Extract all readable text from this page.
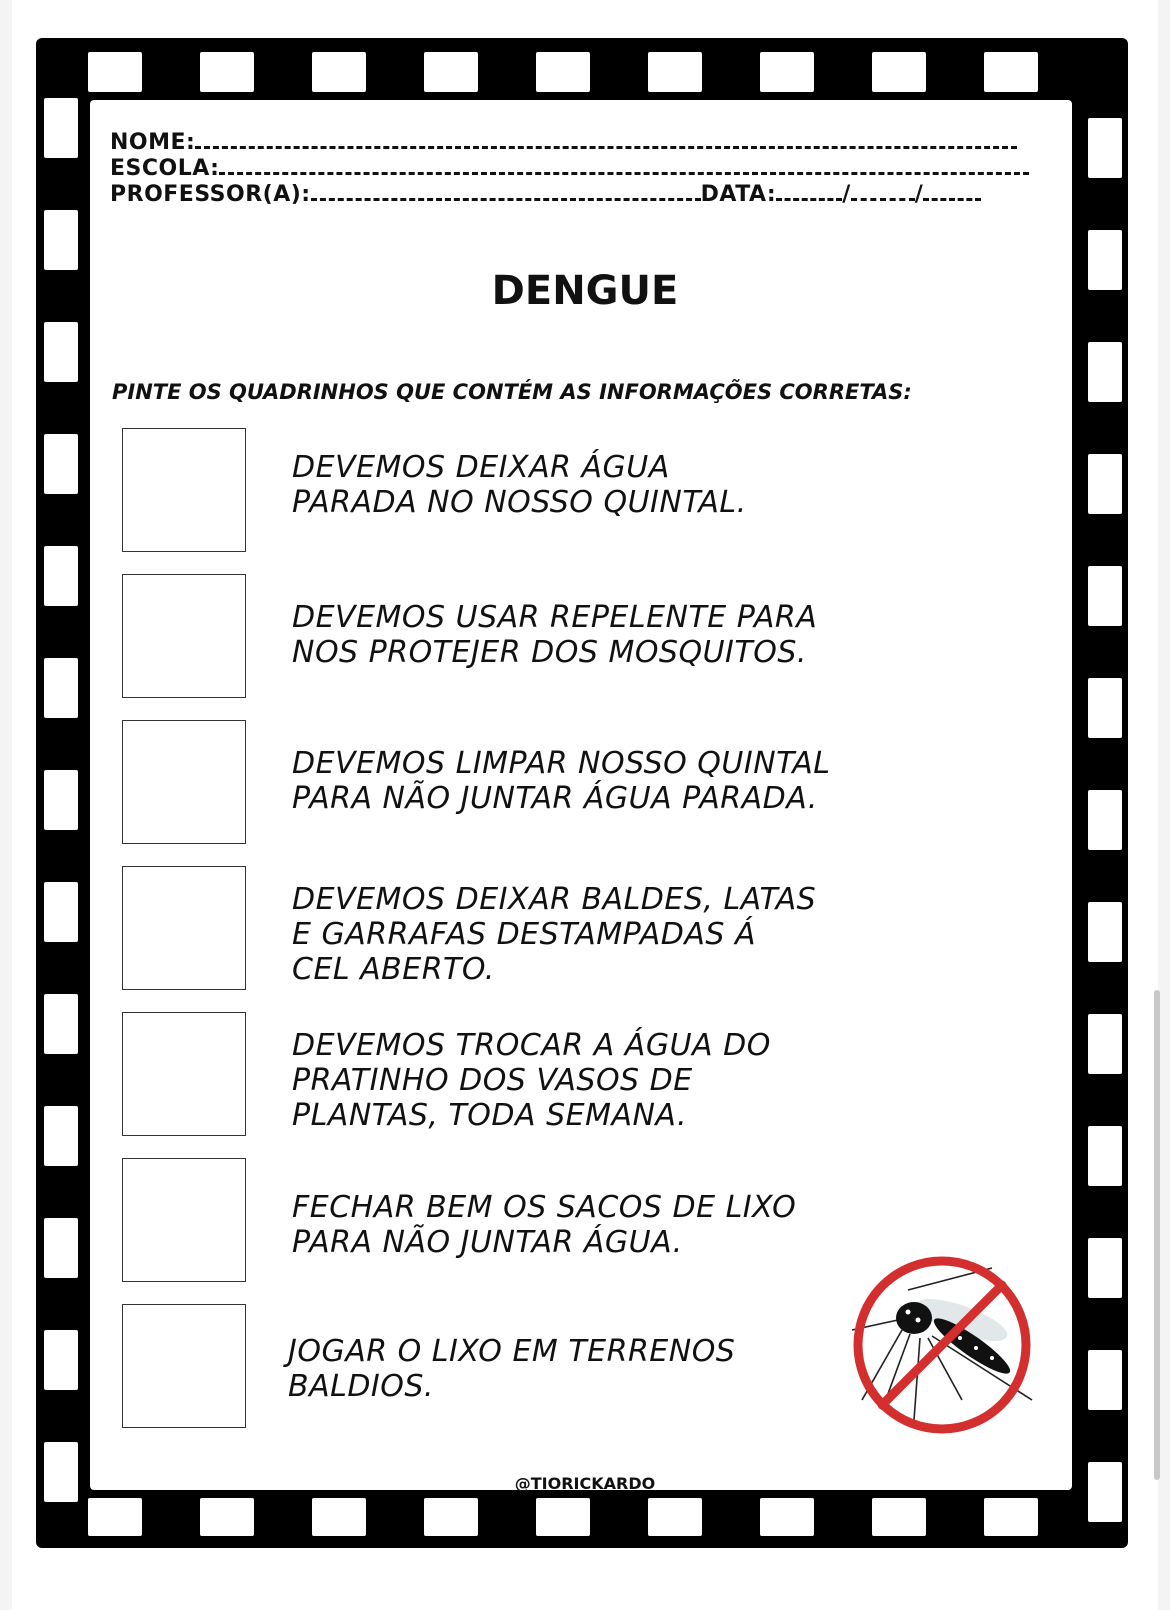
NOME:
ESCOLA:
PROFESSOR(A):	DATA:	/	/
DENGUE
PINTE OS QUADRINHOS QUE CONTÉM AS INFORMAÇÕES CORRETAS:
DEVEMOS DEIXAR ÁGUA
PARADA NO NOSSO QUINTAL.
DEVEMOS USAR REPELENTE PARA
NOS PROTEJER DOS MOSQUITOS.
DEVEMOS LIMPAR NOSSO QUINTAL
PARA NÃO JUNTAR ÁGUA PARADA.
DEVEMOS DEIXAR BALDES, LATAS
E GARRAFAS DESTAMPADAS Á
CEL ABERTO.
DEVEMOS TROCAR A ÁGUA DO
PRATINHO DOS VASOS DE
PLANTAS, TODA SEMANA.
FECHAR BEM OS SACOS DE LIXO
PARA NÃO JUNTAR ÁGUA.
JOGAR O LIXO EM TERRENOS
BALDIOS.
@TIORICKARDO
